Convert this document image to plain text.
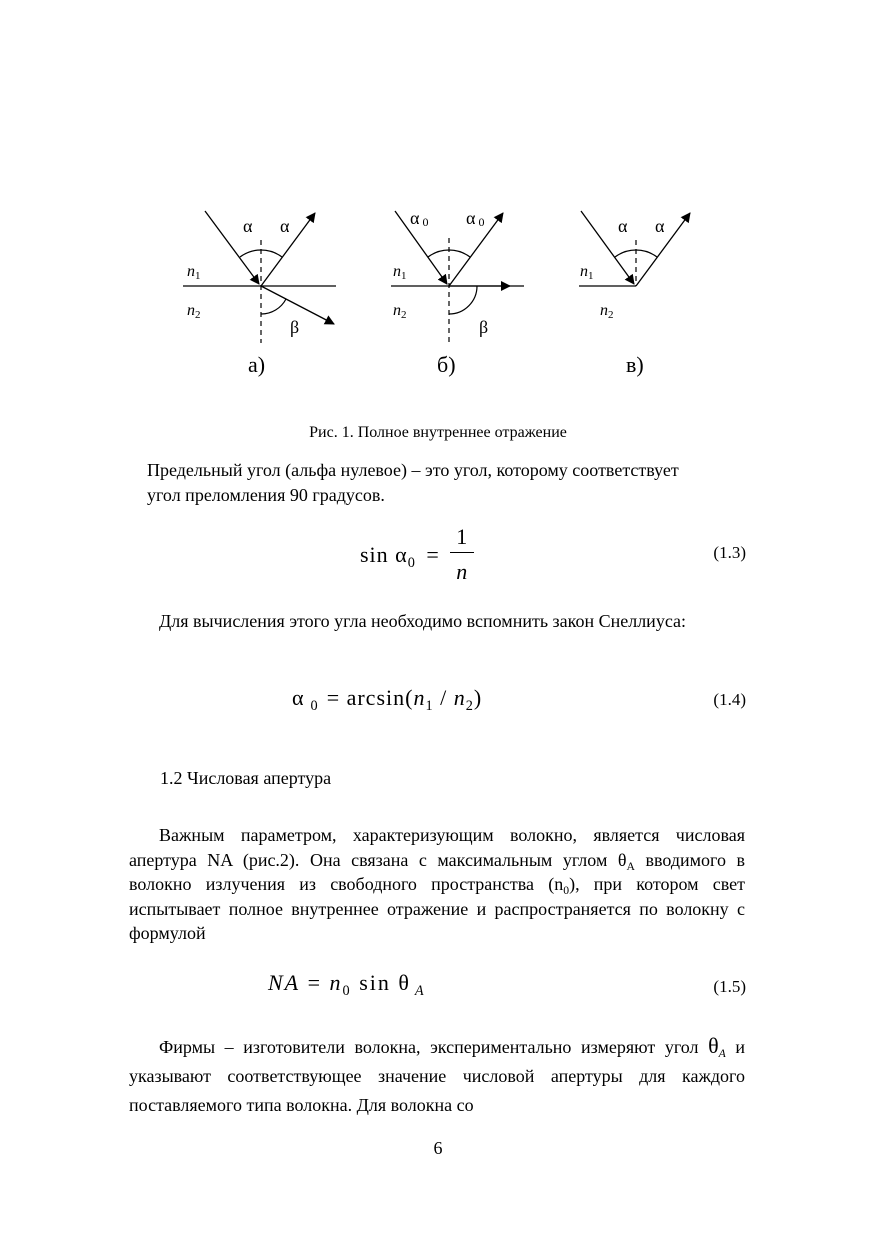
α α
n1
n2
β
а)
α 0 α 0
n1
n2
β
б)
α α
n1
n2
в)
Рис. 1. Полное внутреннее отражение
Предельный угол (альфа нулевое) – это угол, которому соответствует угол преломления 90 градусов.
$\sin \alpha_0 = \frac{1}{n}$	(1.3)
Для вычисления этого угла необходимо вспомнить закон Снеллиуса:
α $_0 = \arcsin(n_1 / n_2)$	(1.4)
1.2 Числовая апертура
Важным параметром, характеризующим волокно, является числовая апертура NA (рис.2). Она связана с максимальным углом $\theta_A$ вводимого в волокно излучения из свободного пространства $(n_0)$, при котором свет испытывает полное внутреннее отражение и распространяется по волокну с формулой
NA = $n_0$ sin θ $_A$	(1.5)
Фирмы – изготовители волокна, экспериментально измеряют угол $\theta_A$ и указывают соответствующее значение числовой апертуры для каждого поставляемого типа волокна. Для волокна со
6
